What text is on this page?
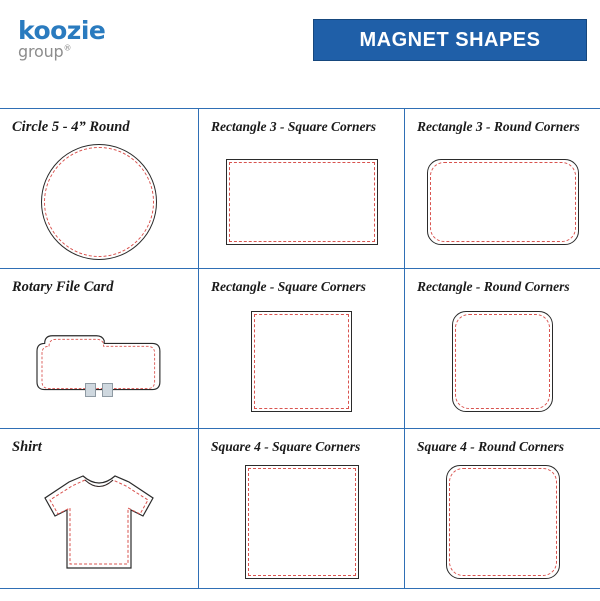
koozie
group®	MAGNET SHAPES
Circle 5 - 4” Round	Rectangle 3 - Square Corners	Rectangle 3 - Round Corners
Rotary File Card	Rectangle - Square Corners	Rectangle - Round Corners
Shirt	Square 4 - Square Corners	Square 4 - Round Corners
